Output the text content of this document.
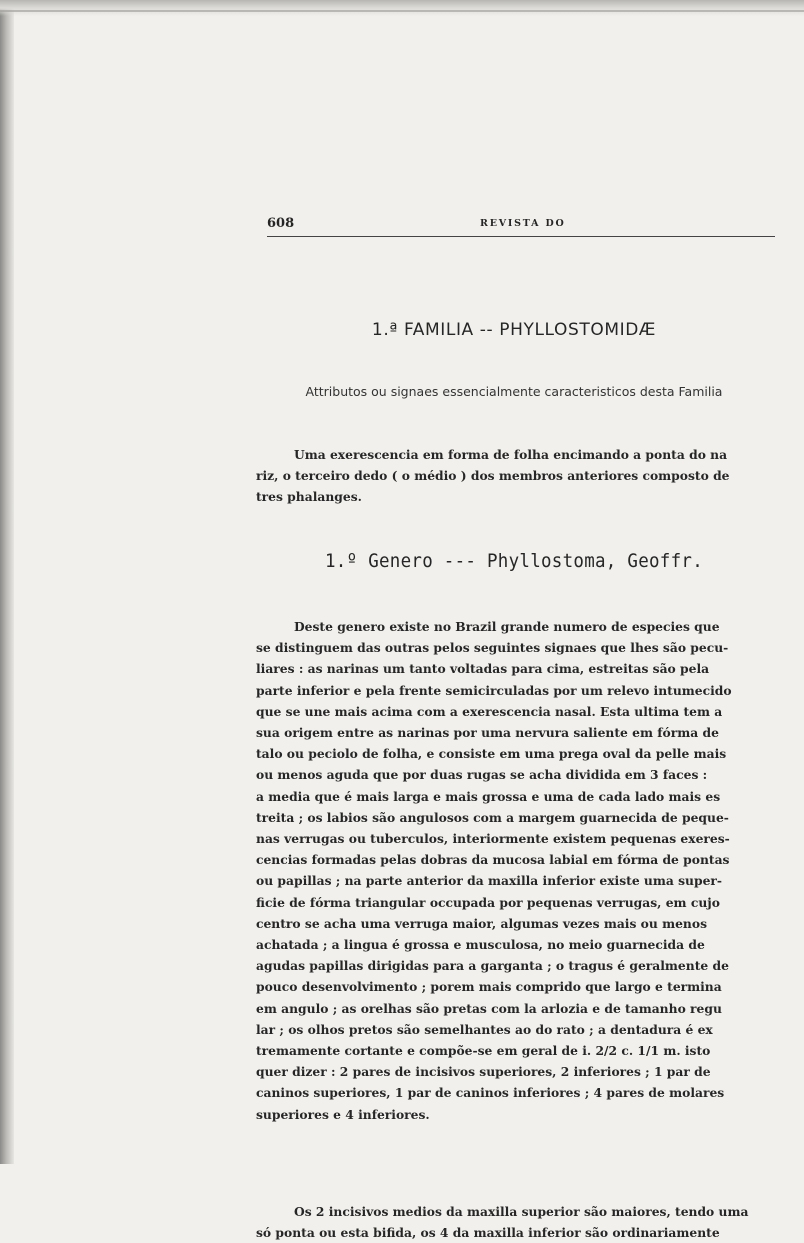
608	REVISTA DO
1.ª FAMILIA -- PHYLLOSTOMIDÆ
Attributos ou signaes essencialmente caracteristicos desta Familia

Uma exerescencia em forma de folha encimando a ponta do na
riz, o terceiro dedo ( o médio ) dos membros anteriores composto de
tres phalanges.

1.º Genero --- Phyllostoma, Geoffr.

Deste genero existe no Brazil grande numero de especies que
se distinguem das outras pelos seguintes signaes que lhes são pecu-
liares : as narinas um tanto voltadas para cima, estreitas são pela
parte inferior e pela frente semicirculadas por um relevo intumecido
que se une mais acima com a exerescencia nasal. Esta ultima tem a
sua origem entre as narinas por uma nervura saliente em fórma de
talo ou peciolo de folha, e consiste em uma prega oval da pelle mais
ou menos aguda que por duas rugas se acha dividida em 3 faces :
a media que é mais larga e mais grossa e uma de cada lado mais es
treita ; os labios são angulosos com a margem guarnecida de peque-
nas verrugas ou tuberculos, interiormente existem pequenas exeres-
cencias formadas pelas dobras da mucosa labial em fórma de pontas
ou papillas ; na parte anterior da maxilla inferior existe uma super-
ficie de fórma triangular occupada por pequenas verrugas, em cujo
centro se acha uma verruga maior, algumas vezes mais ou menos
achatada ; a lingua é grossa e musculosa, no meio guarnecida de
agudas papillas dirigidas para a garganta ; o tragus é geralmente de
pouco desenvolvimento ; porem mais comprido que largo e termina
em angulo ; as orelhas são pretas com la arlozia e de tamanho regu
lar ; os olhos pretos são semelhantes ao do rato ; a dentadura é ex
tremamente cortante e compõe-se em geral de i. 2/2 c. 1/1 m. isto
quer dizer : 2 pares de incisivos superiores, 2 inferiores ; 1 par de
caninos superiores, 1 par de caninos inferiores ; 4 pares de molares
superiores e 4 inferiores.

Os 2 incisivos medios da maxilla superior são maiores, tendo uma
só ponta ou esta bifida, os 4 da maxilla inferior são ordinariamente
